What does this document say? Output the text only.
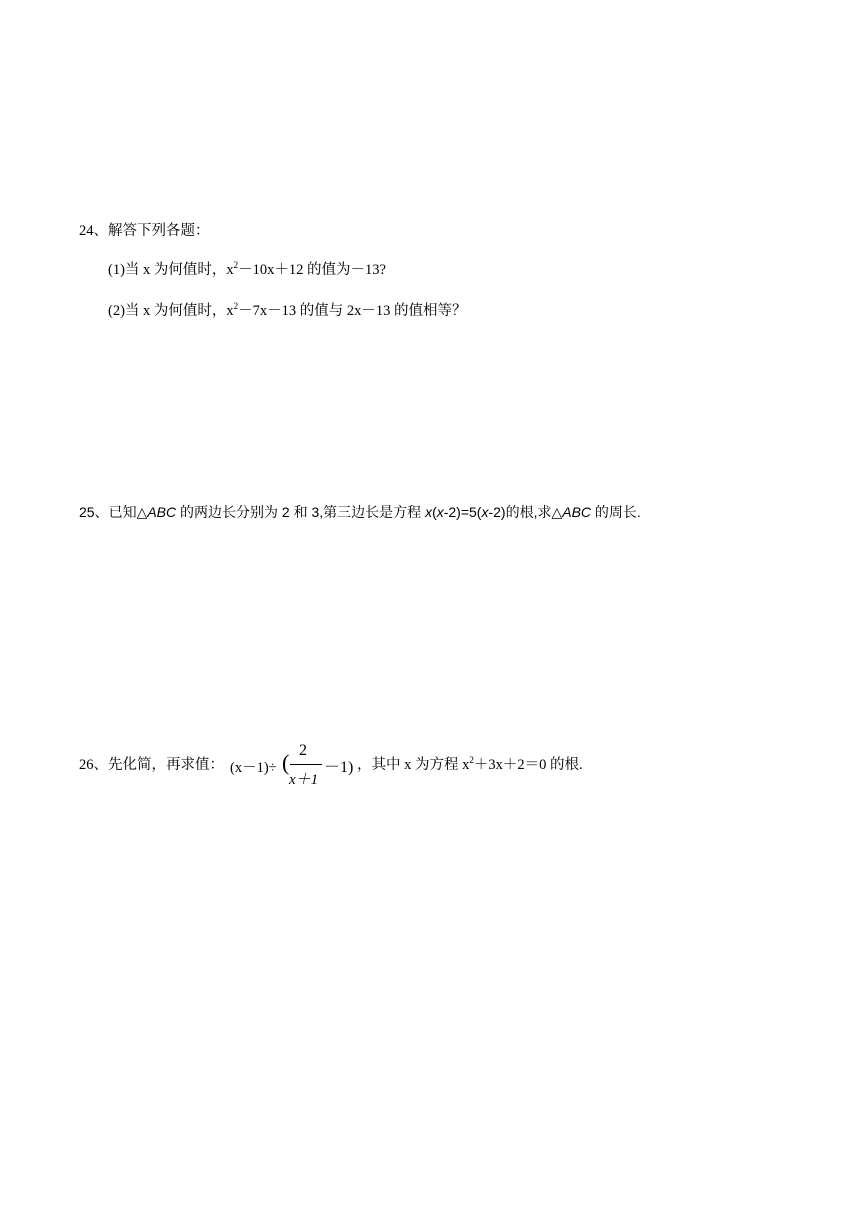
24、解答下列各题：
(1)当 x 为何值时，$x^2-10x+12$ 的值为－13?
(2)当 x 为何值时，$x^2-7x-13$ 的值与 2x－13 的值相等？
25、已知△ABC 的两边长分别为 2 和 3,第三边长是方程 x(x-2)=5(x-2)的根,求△ABC 的周长.
26、先化简，再求值： (x－1)÷ ( 2
x＋1
－1) ，其中 x 为方程 $x^2+3x+2=0$ 的根.
